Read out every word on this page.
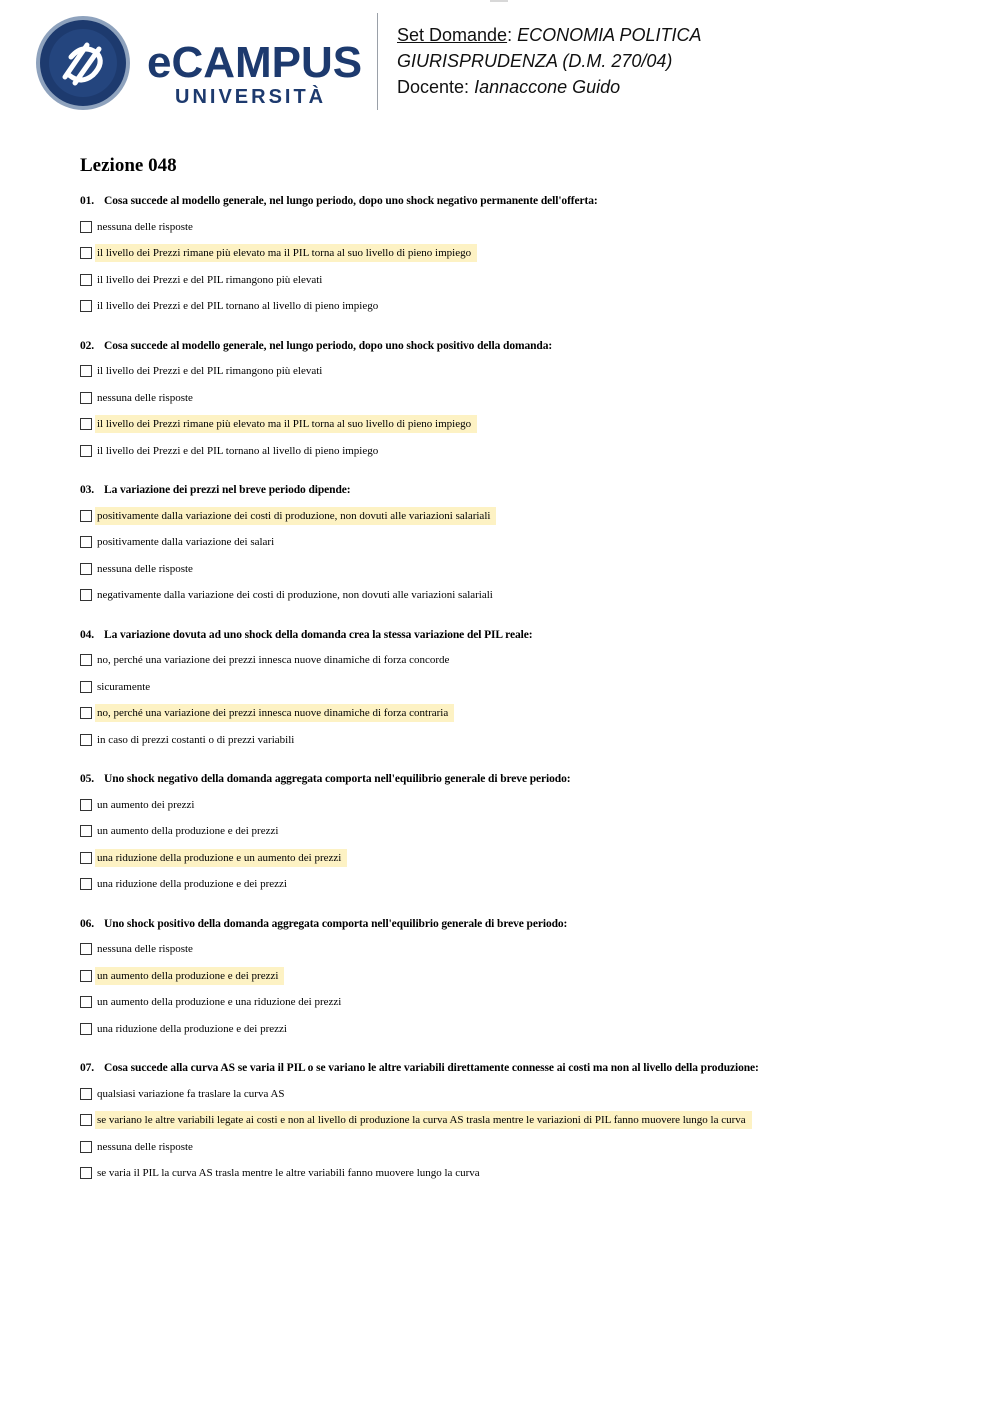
eCAMPUS
UNIVERSITÀ
Set Domande: ECONOMIA POLITICA
GIURISPRUDENZA (D.M. 270/04)
Docente: Iannaccone Guido
Lezione 048
01. Cosa succede al modello generale, nel lungo periodo, dopo uno shock negativo permanente dell'offerta:
nessuna delle risposte
il livello dei Prezzi rimane più elevato ma il PIL torna al suo livello di pieno impiego
il livello dei Prezzi e del PIL rimangono più elevati
il livello dei Prezzi e del PIL tornano al livello di pieno impiego
02. Cosa succede al modello generale, nel lungo periodo, dopo uno shock positivo della domanda:
il livello dei Prezzi e del PIL rimangono più elevati
nessuna delle risposte
il livello dei Prezzi rimane più elevato ma il PIL torna al suo livello di pieno impiego
il livello dei Prezzi e del PIL tornano al livello di pieno impiego
03. La variazione dei prezzi nel breve periodo dipende:
positivamente dalla variazione dei costi di produzione, non dovuti alle variazioni salariali
positivamente dalla variazione dei salari
nessuna delle risposte
negativamente dalla variazione dei costi di produzione, non dovuti alle variazioni salariali
04. La variazione dovuta ad uno shock della domanda crea la stessa variazione del PIL reale:
no, perché una variazione dei prezzi innesca nuove dinamiche di forza concorde
sicuramente
no, perché una variazione dei prezzi innesca nuove dinamiche di forza contraria
in caso di prezzi costanti o di prezzi variabili
05. Uno shock negativo della domanda aggregata comporta nell'equilibrio generale di breve periodo:
un aumento dei prezzi
un aumento della produzione e dei prezzi
una riduzione della produzione e un aumento dei prezzi
una riduzione della produzione e dei prezzi
06. Uno shock positivo della domanda aggregata comporta nell'equilibrio generale di breve periodo:
nessuna delle risposte
un aumento della produzione e dei prezzi
un aumento della produzione e una riduzione dei prezzi
una riduzione della produzione e dei prezzi
07. Cosa succede alla curva AS se varia il PIL o se variano le altre variabili direttamente connesse ai costi ma non al livello della produzione:
qualsiasi variazione fa traslare la curva AS
se variano le altre variabili legate ai costi e non al livello di produzione la curva AS trasla mentre le variazioni di PIL fanno muovere lungo la curva
nessuna delle risposte
se varia il PIL la curva AS trasla mentre le altre variabili fanno muovere lungo la curva
